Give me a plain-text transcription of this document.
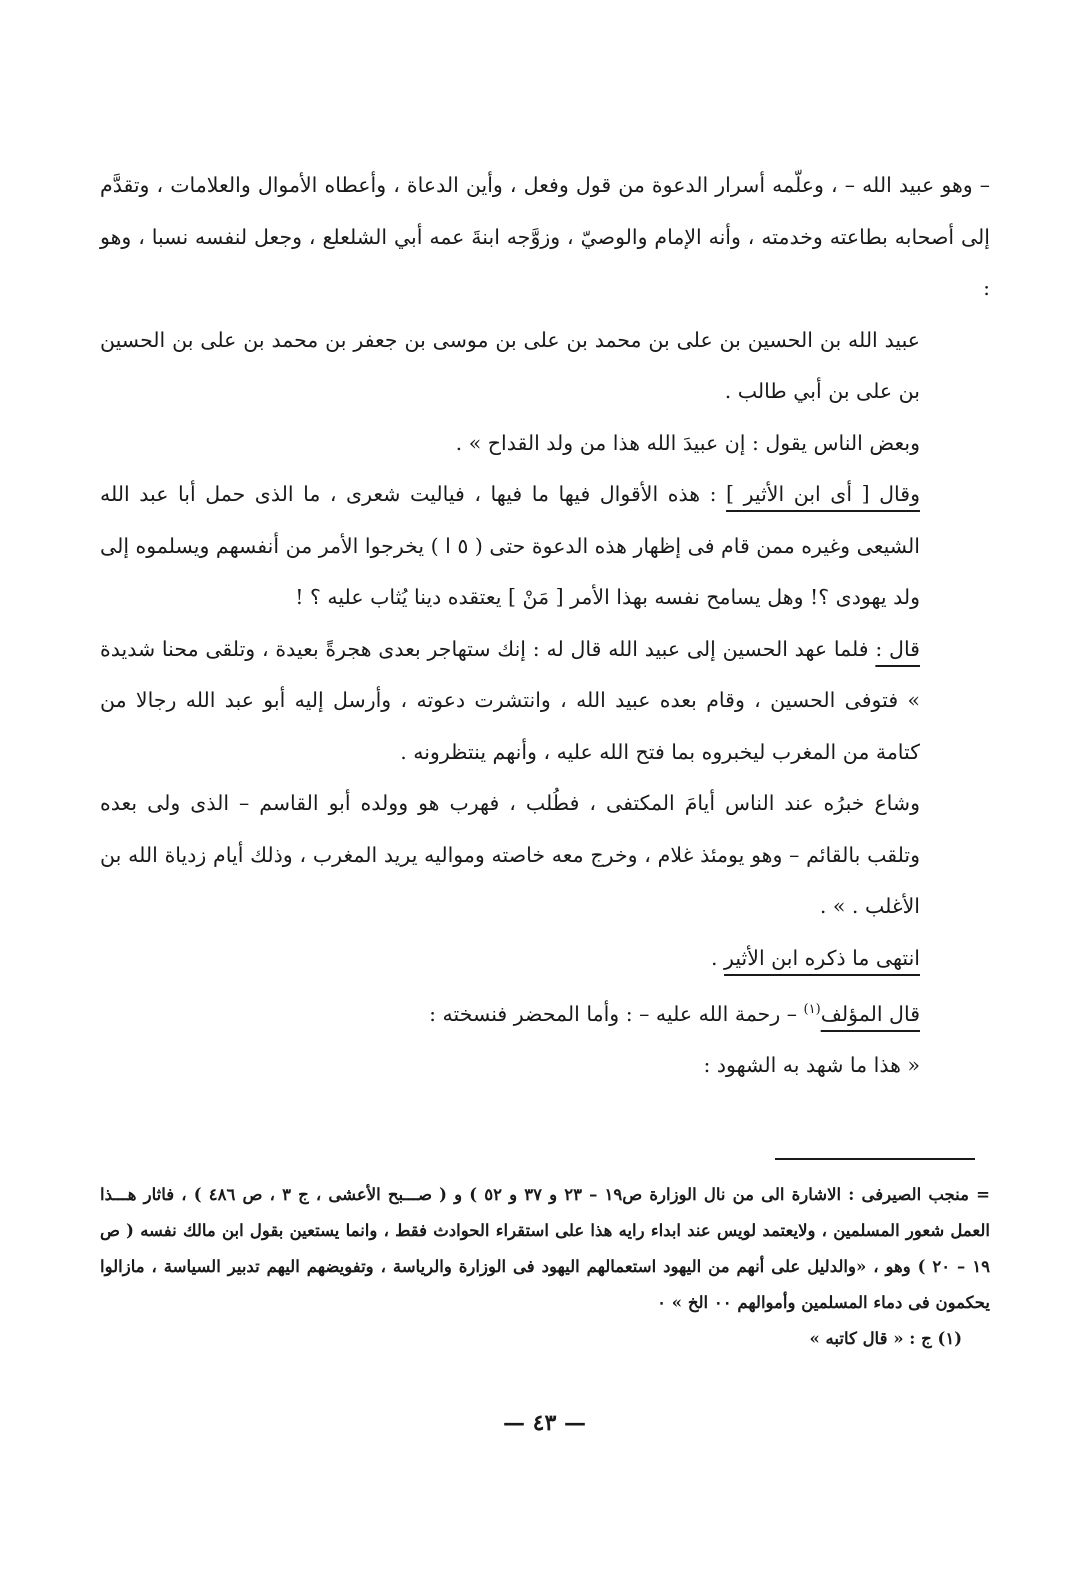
– وهو عبيد الله – ، وعلّمه أسرار الدعوة من قول وفعل ، وأين الدعاة ، وأعطاه الأموال والعلامات ، وتقدَّم إلى أصحابه بطاعته وخدمته ، وأنه الإمام والوصيّ ، وزوَّجه ابنةَ عمه أبي الشلعلع ، وجعل لنفسه نسبا ، وهو :

عبيد الله بن الحسين بن على بن محمد بن على بن موسى بن جعفر بن محمد بن على بن الحسين بن على بن أبي طالب .

وبعض الناس يقول : إن عبيدَ الله هذا من ولد القداح » .

وقال [ أى ابن الأثير ] : هذه الأقوال فيها ما فيها ، فياليت شعرى ، ما الذى حمل أبا عبد الله الشيعى وغيره ممن قام فى إظهار هذه الدعوة حتى ( ٥ ا ) يخرجوا الأمر من أنفسهم ويسلموه إلى ولد يهودى ؟! وهل يسامح نفسه بهذا الأمر [ مَنْ ] يعتقده دينا يُثاب عليه ؟ !

قال : فلما عهد الحسين إلى عبيد الله قال له : إنك ستهاجر بعدى هجرةً بعيدة ، وتلقى محنا شديدة » فتوفى الحسين ، وقام بعده عبيد الله ، وانتشرت دعوته ، وأرسل إليه أبو عبد الله رجالا من كتامة من المغرب ليخبروه بما فتح الله عليه ، وأنهم ينتظرونه .

وشاع خبرُه عند الناس أيامَ المكتفى ، فطُلب ، فهرب هو وولده أبو القاسم – الذى ولى بعده وتلقب بالقائم – وهو يومئذ غلام ، وخرج معه خاصته ومواليه يريد المغرب ، وذلك أيام زدياة الله بن الأغلب . » .

انتهى ما ذكره ابن الأثير .

قال المؤلف$^{(١)}$ – رحمة الله عليه – : وأما المحضر فنسخته :

« هذا ما شهد به الشهود :

= منجب الصيرفى : الاشارة الى من نال الوزارة ص١٩ – ٢٣ و ٣٧ و ٥٢ ) و ( صـــبح الأعشى ، ج ٣ ، ص ٤٨٦ ) ، فاثار هـــذا العمل شعور المسلمين ، ولايعتمد لويس عند ابداء رايه هذا على استقراء الحوادث فقط ، وانما يستعين بقول ابن مالك نفسه ( ص ١٩ – ٢٠ ) وهو ، «والدليل على أنهم من اليهود استعمالهم اليهود فى الوزارة والرياسة ، وتفويضهم اليهم تدبير السياسة ، مازالوا يحكمون فى دماء المسلمين وأموالهم ٠٠ الخ » ٠

(١) ج : « قال كاتبه »

— ٤٣ —
